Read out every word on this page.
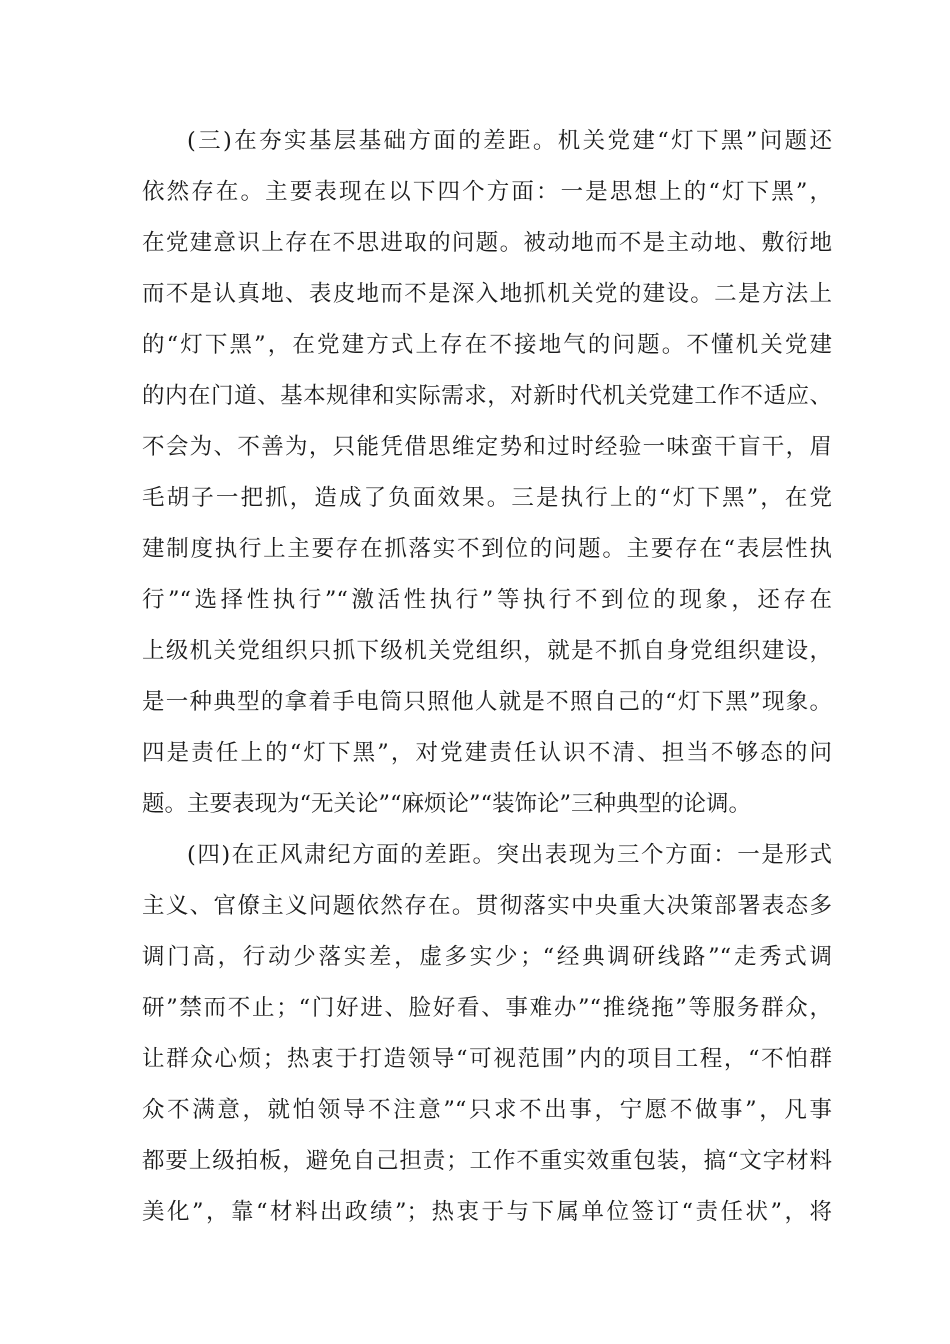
(三)在夯实基层基础方面的差距。机关党建“灯下黑”问题还
依然存在。主要表现在以下四个方面：一是思想上的“灯下黑”，
在党建意识上存在不思进取的问题。被动地而不是主动地、敷衍地
而不是认真地、表皮地而不是深入地抓机关党的建设。二是方法上
的“灯下黑”，在党建方式上存在不接地气的问题。不懂机关党建
的内在门道、基本规律和实际需求，对新时代机关党建工作不适应、
不会为、不善为，只能凭借思维定势和过时经验一味蛮干盲干，眉
毛胡子一把抓，造成了负面效果。三是执行上的“灯下黑”，在党
建制度执行上主要存在抓落实不到位的问题。主要存在“表层性执
行”“选择性执行”“激活性执行”等执行不到位的现象，还存在
上级机关党组织只抓下级机关党组织，就是不抓自身党组织建设，
是一种典型的拿着手电筒只照他人就是不照自己的“灯下黑”现象。
四是责任上的“灯下黑”，对党建责任认识不清、担当不够态的问
题。主要表现为“无关论”“麻烦论”“装饰论”三种典型的论调。
(四)在正风肃纪方面的差距。突出表现为三个方面：一是形式
主义、官僚主义问题依然存在。贯彻落实中央重大决策部署表态多
调门高，行动少落实差，虚多实少；“经典调研线路”“走秀式调
研”禁而不止；“门好进、脸好看、事难办”“推绕拖”等服务群众，
让群众心烦；热衷于打造领导“可视范围”内的项目工程，“不怕群
众不满意，就怕领导不注意”“只求不出事，宁愿不做事”，凡事
都要上级拍板，避免自己担责；工作不重实效重包装，搞“文字材料
美化”，靠“材料出政绩”；热衷于与下属单位签订“责任状”，将
